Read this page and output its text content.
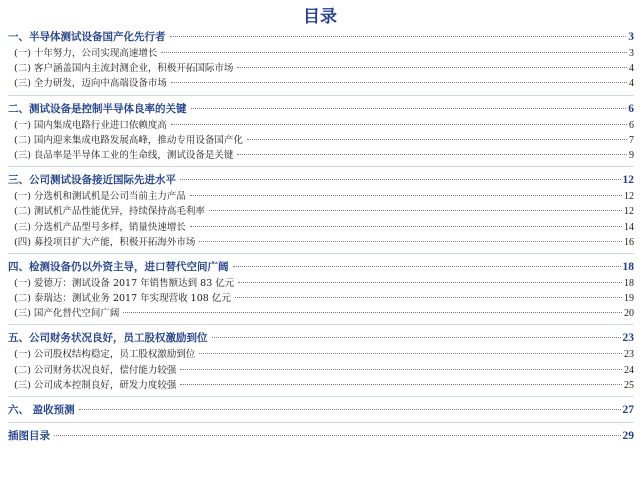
目录
一、半导体测试设备国产化先行者	3
(一) 十年努力，公司实现高速增长	3
(二) 客户涵盖国内主流封测企业，积极开拓国际市场	4
(三) 全力研发，迈向中高端设备市场	4
二、测试设备是控制半导体良率的关键	6
(一) 国内集成电路行业进口依赖度高	6
(二) 国内迎来集成电路发展高峰，推动专用设备国产化	7
(三) 良品率是半导体工业的生命线，测试设备是关键	9
三、公司测试设备接近国际先进水平	12
(一) 分选机和测试机是公司当前主力产品	12
(二) 测试机产品性能优异，持续保持高毛利率	12
(三) 分选机产品型号多样，销量快速增长	14
(四) 募投项目扩大产能，积极开拓海外市场	16
四、检测设备仍以外资主导，进口替代空间广阔	18
(一) 爱德万：测试设备 2017 年销售额达到 83 亿元	18
(二) 泰瑞达：测试业务 2017 年实现营收 108 亿元	19
(三) 国产化替代空间广阔	20
五、公司财务状况良好，员工股权激励到位	23
(一) 公司股权结构稳定，员工股权激励到位	23
(二) 公司财务状况良好，偿付能力较强	24
(三) 公司成本控制良好，研发力度较强	25
六、 盈收预测	27
插图目录	29
